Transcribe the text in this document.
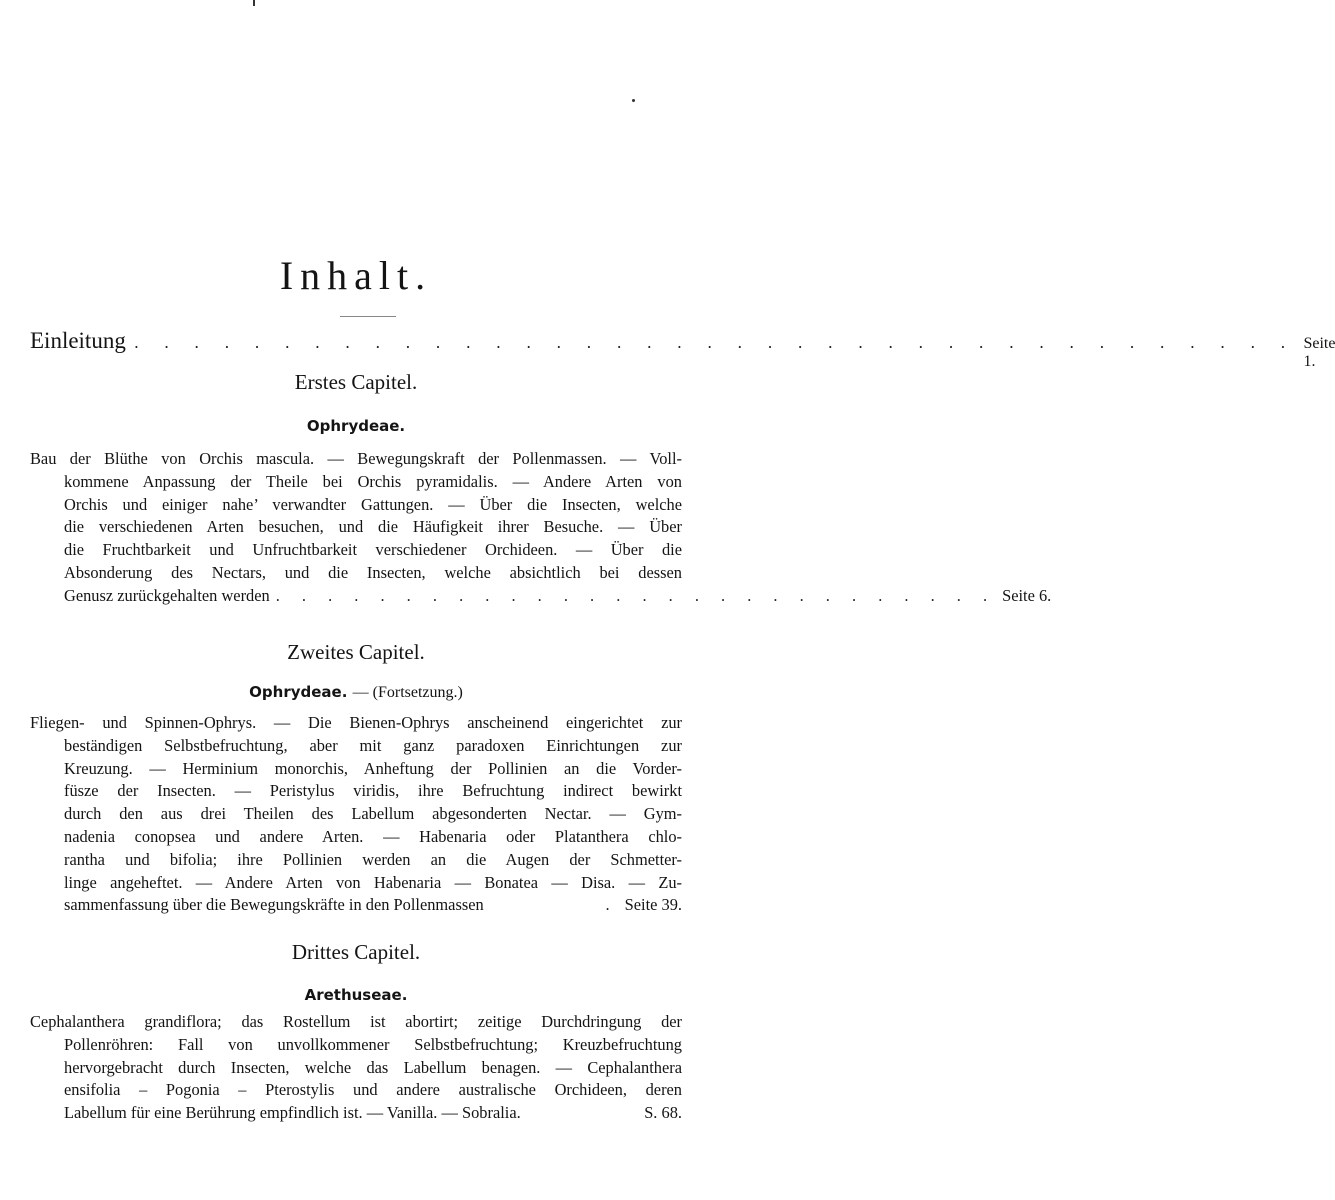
Inhalt.
Einleitung . . . . . . . . . . . . . . . . . . . . . . . . . . . . . . . . . . . . . . . Seite 1.
Erstes Capitel.
Ophrydeae.
Bau der Blüthe von Orchis mascula. — Bewegungskraft der Pollenmassen. — Voll-
kommene Anpassung der Theile bei Orchis pyramidalis. — Andere Arten von
Orchis und einiger nahe’ verwandter Gattungen. — Über die Insecten, welche
die verschiedenen Arten besuchen, und die Häufigkeit ihrer Besuche. — Über
die Fruchtbarkeit und Unfruchtbarkeit verschiedener Orchideen. — Über die
Absonderung des Nectars, und die Insecten, welche absichtlich bei dessen
Genusz zurückgehalten werden . . . . . . . . . . . . . . . . . . . . . . . . . . . . Seite 6.
Zweites Capitel.
Ophrydeae. — (Fortsetzung.)
Fliegen- und Spinnen-Ophrys. — Die Bienen-Ophrys anscheinend eingerichtet zur
beständigen Selbstbefruchtung, aber mit ganz paradoxen Einrichtungen zur
Kreuzung. — Herminium monorchis, Anheftung der Pollinien an die Vorder-
füsze der Insecten. — Peristylus viridis, ihre Befruchtung indirect bewirkt
durch den aus drei Theilen des Labellum abgesonderten Nectar. — Gym-
nadenia conopsea und andere Arten. — Habenaria oder Platanthera chlo-
rantha und bifolia; ihre Pollinien werden an die Augen der Schmetter-
linge angeheftet. — Andere Arten von Habenaria — Bonatea — Disa. — Zu-
sammenfassung über die Bewegungskräfte in den Pollenmassen	. Seite 39.
Drittes Capitel.
Arethuseae.
Cephalanthera grandiflora; das Rostellum ist abortirt; zeitige Durchdringung der
Pollenröhren: Fall von unvollkommener Selbstbefruchtung; Kreuzbefruchtung
hervorgebracht durch Insecten, welche das Labellum benagen. — Cephalanthera
ensifolia – Pogonia – Pterostylis und andere australische Orchideen, deren
Labellum für eine Berührung empfindlich ist. — Vanilla. — Sobralia.	S. 68.
